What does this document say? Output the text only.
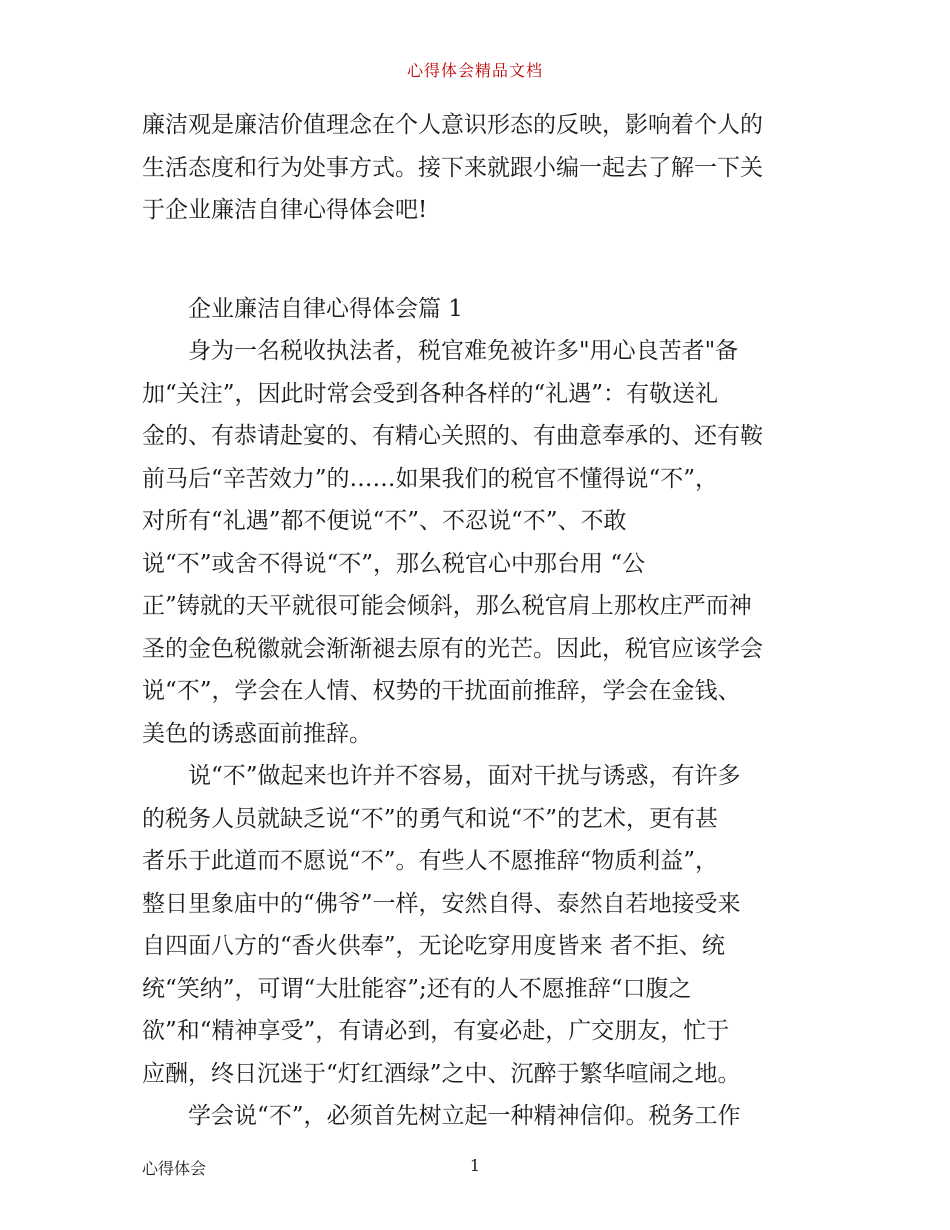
心得体会精品文档
廉洁观是廉洁价值理念在个人意识形态的反映，影响着个人的
生活态度和行为处事方式。接下来就跟小编一起去了解一下关
于企业廉洁自律心得体会吧!
企业廉洁自律心得体会篇 1
身为一名税收执法者，税官难免被许多"用心良苦者"备
加“关注”，因此时常会受到各种各样的“礼遇”：有敬送礼
金的、有恭请赴宴的、有精心关照的、有曲意奉承的、还有鞍
前马后“辛苦效力”的……如果我们的税官不懂得说“不”，
对所有“礼遇”都不便说“不”、不忍说“不”、不敢
说“不”或舍不得说“不”，那么税官心中那台用 “公
正”铸就的天平就很可能会倾斜，那么税官肩上那枚庄严而神
圣的金色税徽就会渐渐褪去原有的光芒。因此，税官应该学会
说“不”，学会在人情、权势的干扰面前推辞，学会在金钱、
美色的诱惑面前推辞。
说“不”做起来也许并不容易，面对干扰与诱惑，有许多
的税务人员就缺乏说“不”的勇气和说“不”的艺术，更有甚
者乐于此道而不愿说“不”。有些人不愿推辞“物质利益”，
整日里象庙中的“佛爷”一样，安然自得、泰然自若地接受来
自四面八方的“香火供奉”，无论吃穿用度皆来 者不拒、统
统“笑纳”，可谓“大肚能容”;还有的人不愿推辞“口腹之
欲”和“精神享受”，有请必到，有宴必赴，广交朋友，忙于
应酬，终日沉迷于“灯红酒绿”之中、沉醉于繁华喧闹之地。
学会说“不”，必须首先树立起一种精神信仰。税务工作
心得体会	1
